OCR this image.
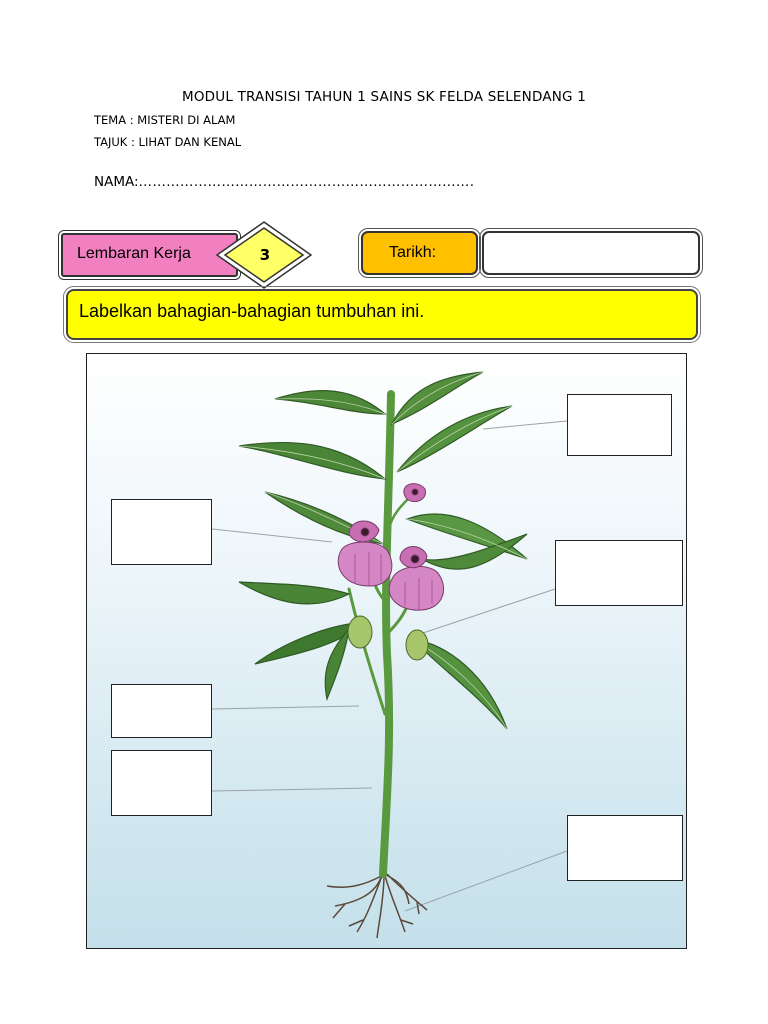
MODUL TRANSISI TAHUN 1 SAINS SK FELDA SELENDANG 1
TEMA : MISTERI DI ALAM
TAJUK : LIHAT DAN KENAL
NAMA:……………………………………………………………….
Lembaran Kerja	3	Tarikh:
Labelkan bahagian-bahagian tumbuhan ini.
